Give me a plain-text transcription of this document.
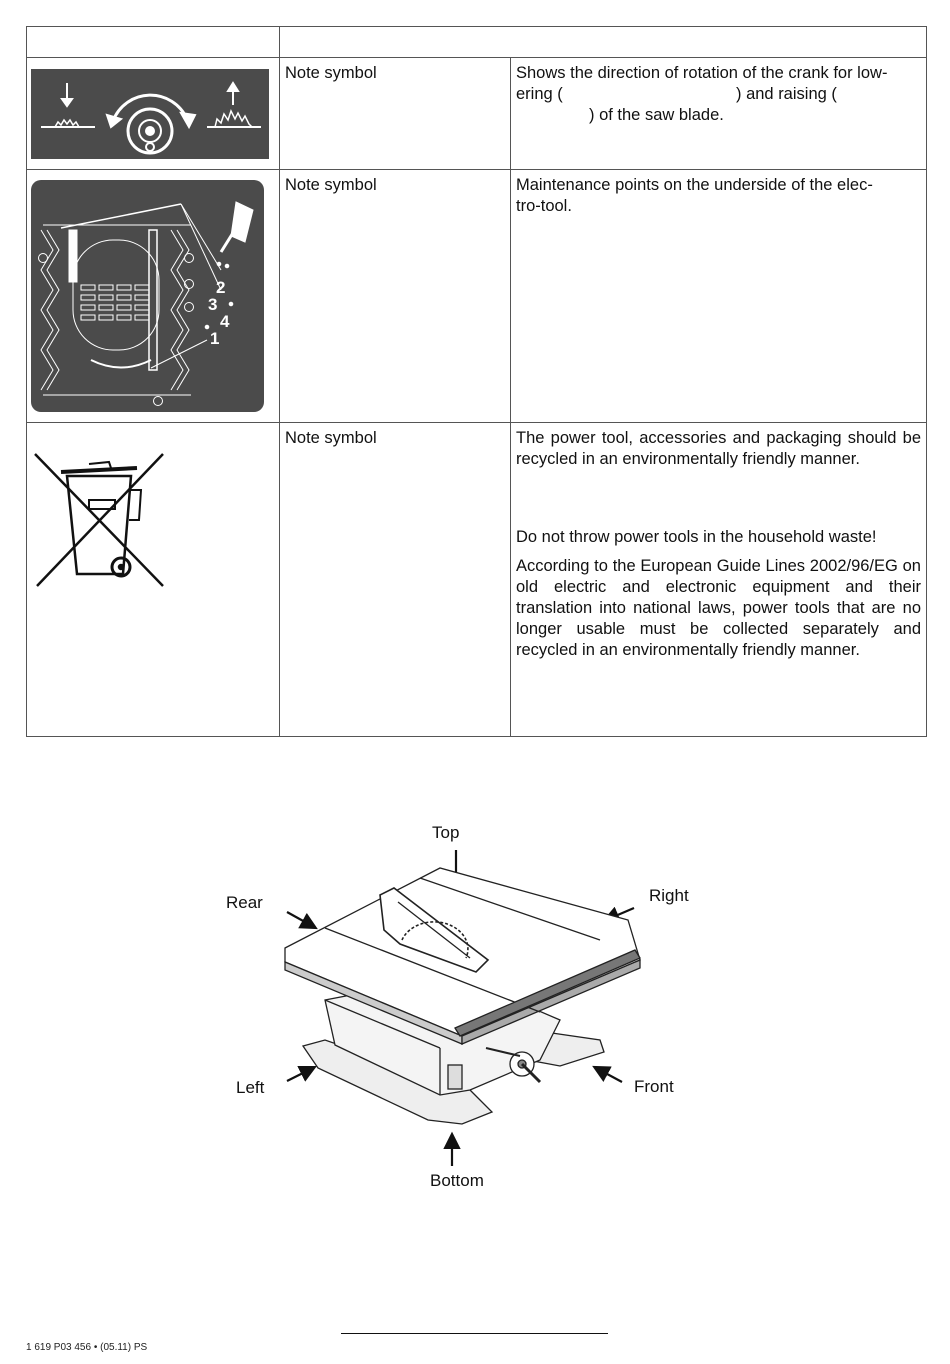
Note symbol	Shows the direction of rotation of the crank for low-
ering (	) and raising (
) of the saw blade.
2
3
4
1
Note symbol	Maintenance points on the underside of the elec-
tro-tool.
Note symbol	The power tool, accessories and packaging should be recycled in an environmentally friendly manner.

Do not throw power tools in the household waste!

According to the European Guide Lines 2002/96/EG on old electric and electronic equipment and their translation into national laws, power tools that are no longer usable must be collected separately and recycled in an environmentally friendly manner.

Top
Rear	Right
Left	Front
Bottom
1 619 P03 456 • (05.11) PS
